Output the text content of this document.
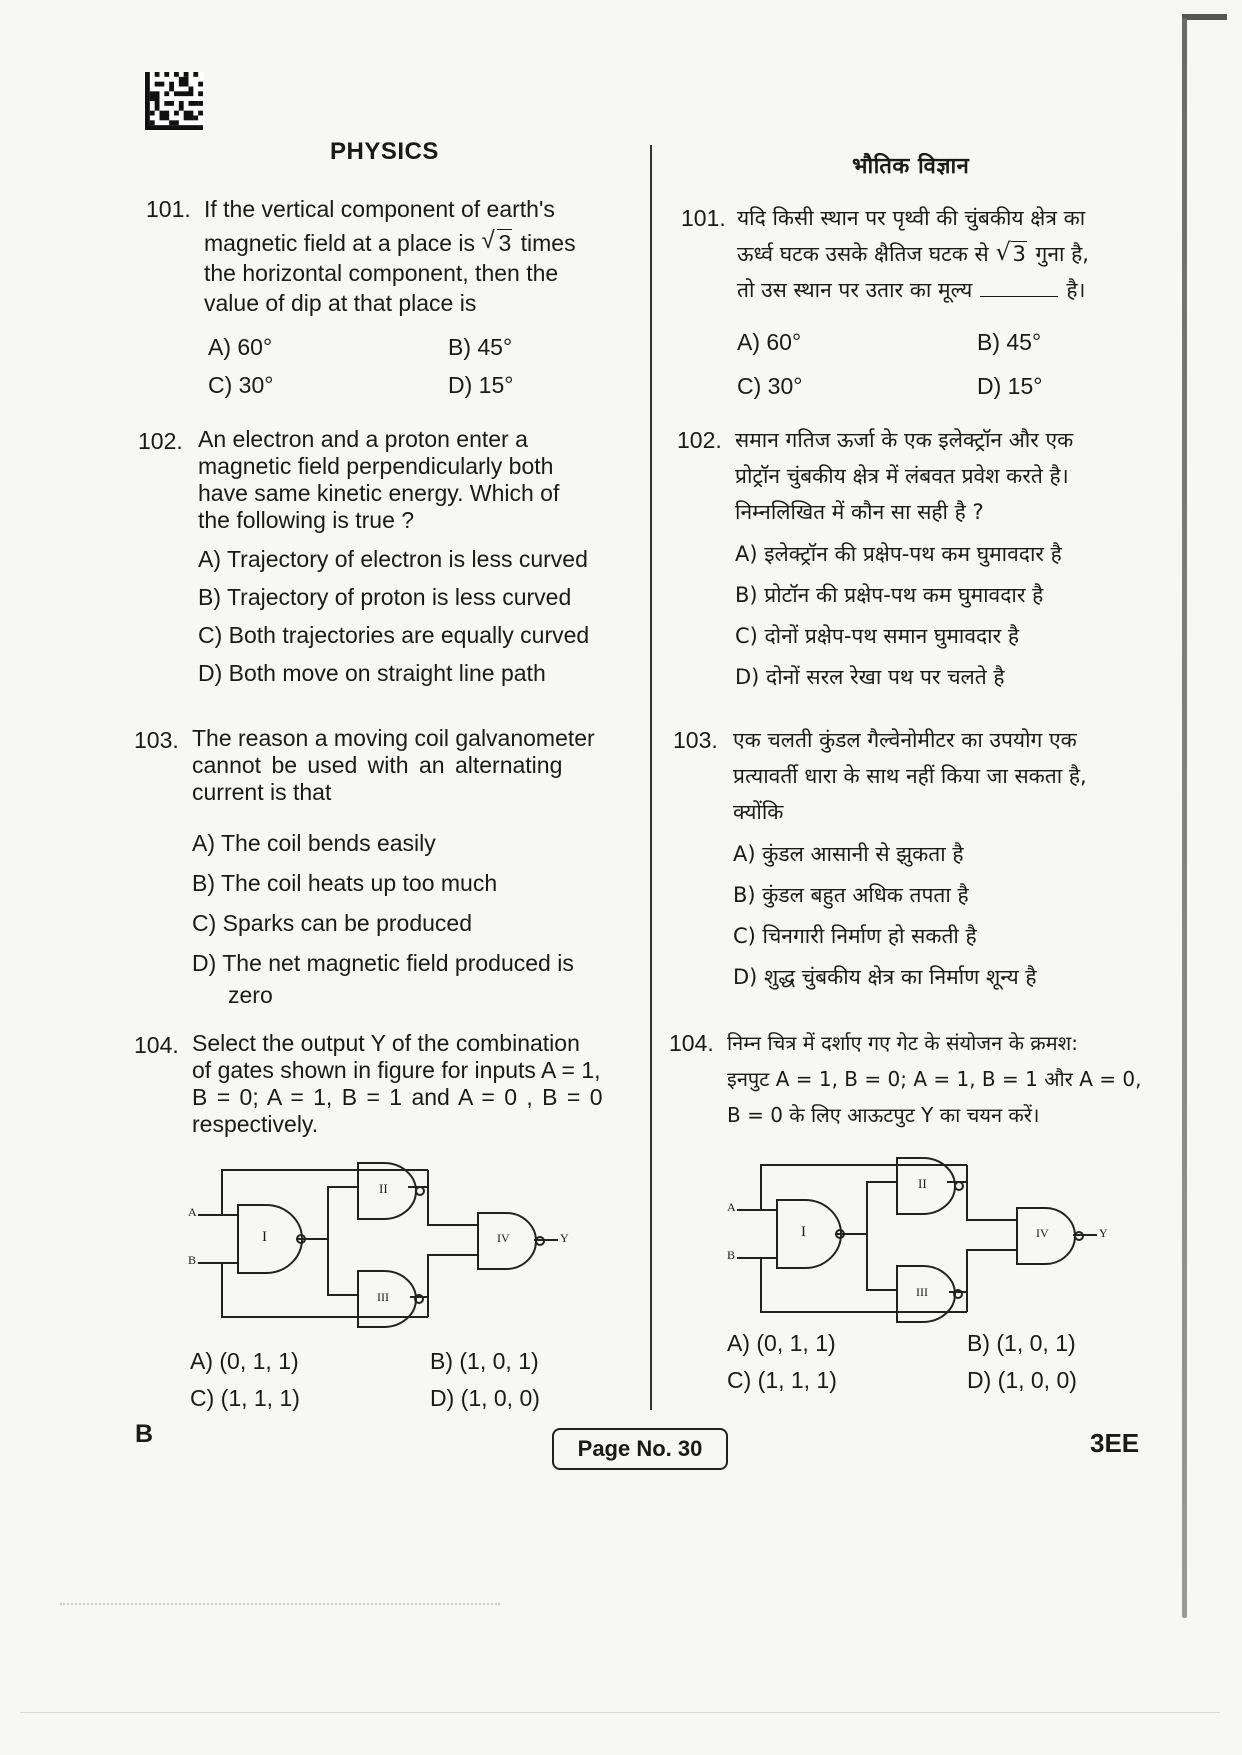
PHYSICS
भौतिक विज्ञान
101. If the vertical component of earth's
magnetic field at a place is √ 3 times
the horizontal component, then the
value of dip at that place is
A) 60°	B) 45°
C) 30°	D) 15°
102. An electron and a proton enter a
magnetic field perpendicularly both
have same kinetic energy. Which of
the following is true ?
A) Trajectory of electron is less curved
B) Trajectory of proton is less curved
C) Both trajectories are equally curved
D) Both move on straight line path
103. The reason a moving coil galvanometer
cannot be used with an alternating
current is that
A) The coil bends easily
B) The coil heats up too much
C) Sparks can be produced
D) The net magnetic field produced is
zero
104. Select the output Y of the combination
of gates shown in figure for inputs A = 1,
B = 0; A = 1, B = 1 and A = 0 , B = 0
respectively.
A
B
I
II
III
IV	Y
A) (0, 1, 1)	B) (1, 0, 1)
C) (1, 1, 1)	D) (1, 0, 0)
101. यदि किसी स्थान पर पृथ्वी की चुंबकीय क्षेत्र का
ऊर्ध्व घटक उसके क्षैतिज घटक से √ 3 गुना है,
तो उस स्थान पर उतार का मूल्य	है।
A) 60°	B) 45°
C) 30°	D) 15°
102. समान गतिज ऊर्जा के एक इलेक्ट्रॉन और एक
प्रोट्रॉन चुंबकीय क्षेत्र में लंबवत प्रवेश करते है।
निम्नलिखित में कौन सा सही है ?
A) इलेक्ट्रॉन की प्रक्षेप-पथ कम घुमावदार है
B) प्रोटॉन की प्रक्षेप-पथ कम घुमावदार है
C) दोनों प्रक्षेप-पथ समान घुमावदार है
D) दोनों सरल रेखा पथ पर चलते है
103. एक चलती कुंडल गैल्वेनोमीटर का उपयोग एक
प्रत्यावर्ती धारा के साथ नहीं किया जा सकता है,
क्योंकि
A) कुंडल आसानी से झुकता है
B) कुंडल बहुत अधिक तपता है
C) चिनगारी निर्माण हो सकती है
D) शुद्ध चुंबकीय क्षेत्र का निर्माण शून्य है
104. निम्न चित्र में दर्शाए गए गेट के संयोजन के क्रमश:
इनपुट A = 1, B = 0; A = 1, B = 1 और A = 0,
B = 0 के लिए आऊटपुट Y का चयन करें।
A
B
I
II
III
IV	Y
A) (0, 1, 1)	B) (1, 0, 1)
C) (1, 1, 1)	D) (1, 0, 0)
B
Page No. 30	3EE
